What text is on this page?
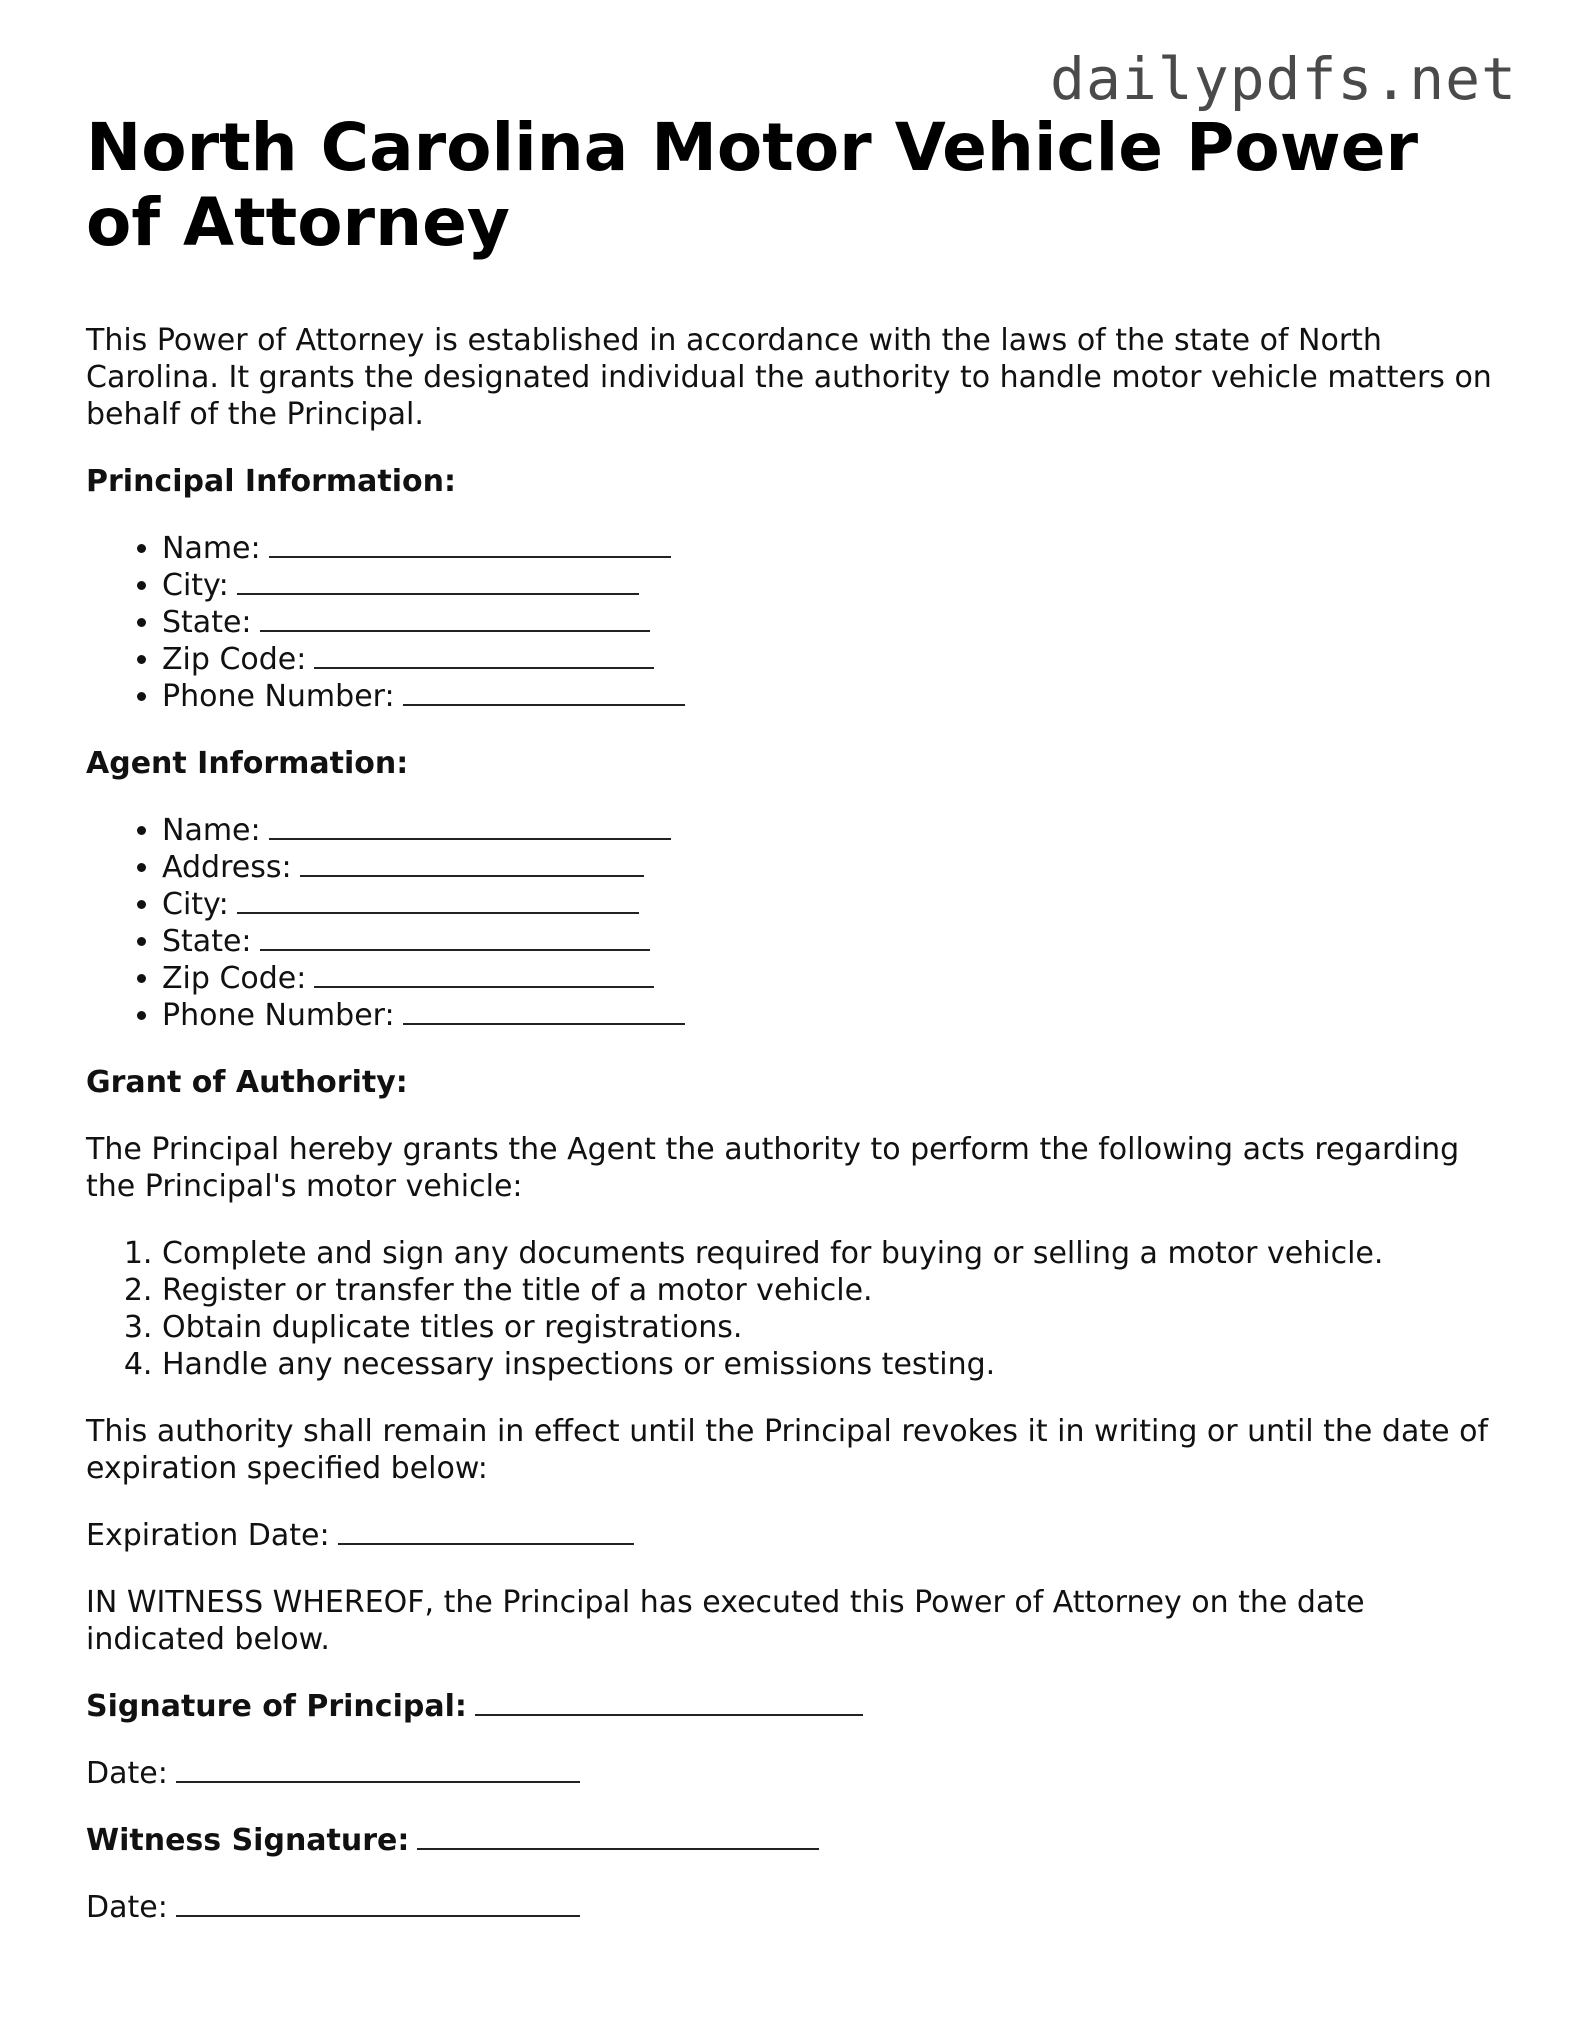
dailypdfs.net
North Carolina Motor Vehicle Power of Attorney

This Power of Attorney is established in accordance with the laws of the state of North Carolina. It grants the designated individual the authority to handle motor vehicle matters on behalf of the Principal.

Principal Information:

• Name:
• City:
• State:
• Zip Code:
• Phone Number:

Agent Information:

• Name:
• Address:
• City:
• State:
• Zip Code:
• Phone Number:

Grant of Authority:

The Principal hereby grants the Agent the authority to perform the following acts regarding the Principal's motor vehicle:

1. Complete and sign any documents required for buying or selling a motor vehicle.
2. Register or transfer the title of a motor vehicle.
3. Obtain duplicate titles or registrations.
4. Handle any necessary inspections or emissions testing.

This authority shall remain in effect until the Principal revokes it in writing or until the date of expiration specified below:

Expiration Date:

IN WITNESS WHEREOF, the Principal has executed this Power of Attorney on the date indicated below.

Signature of Principal:

Date:

Witness Signature:

Date:
